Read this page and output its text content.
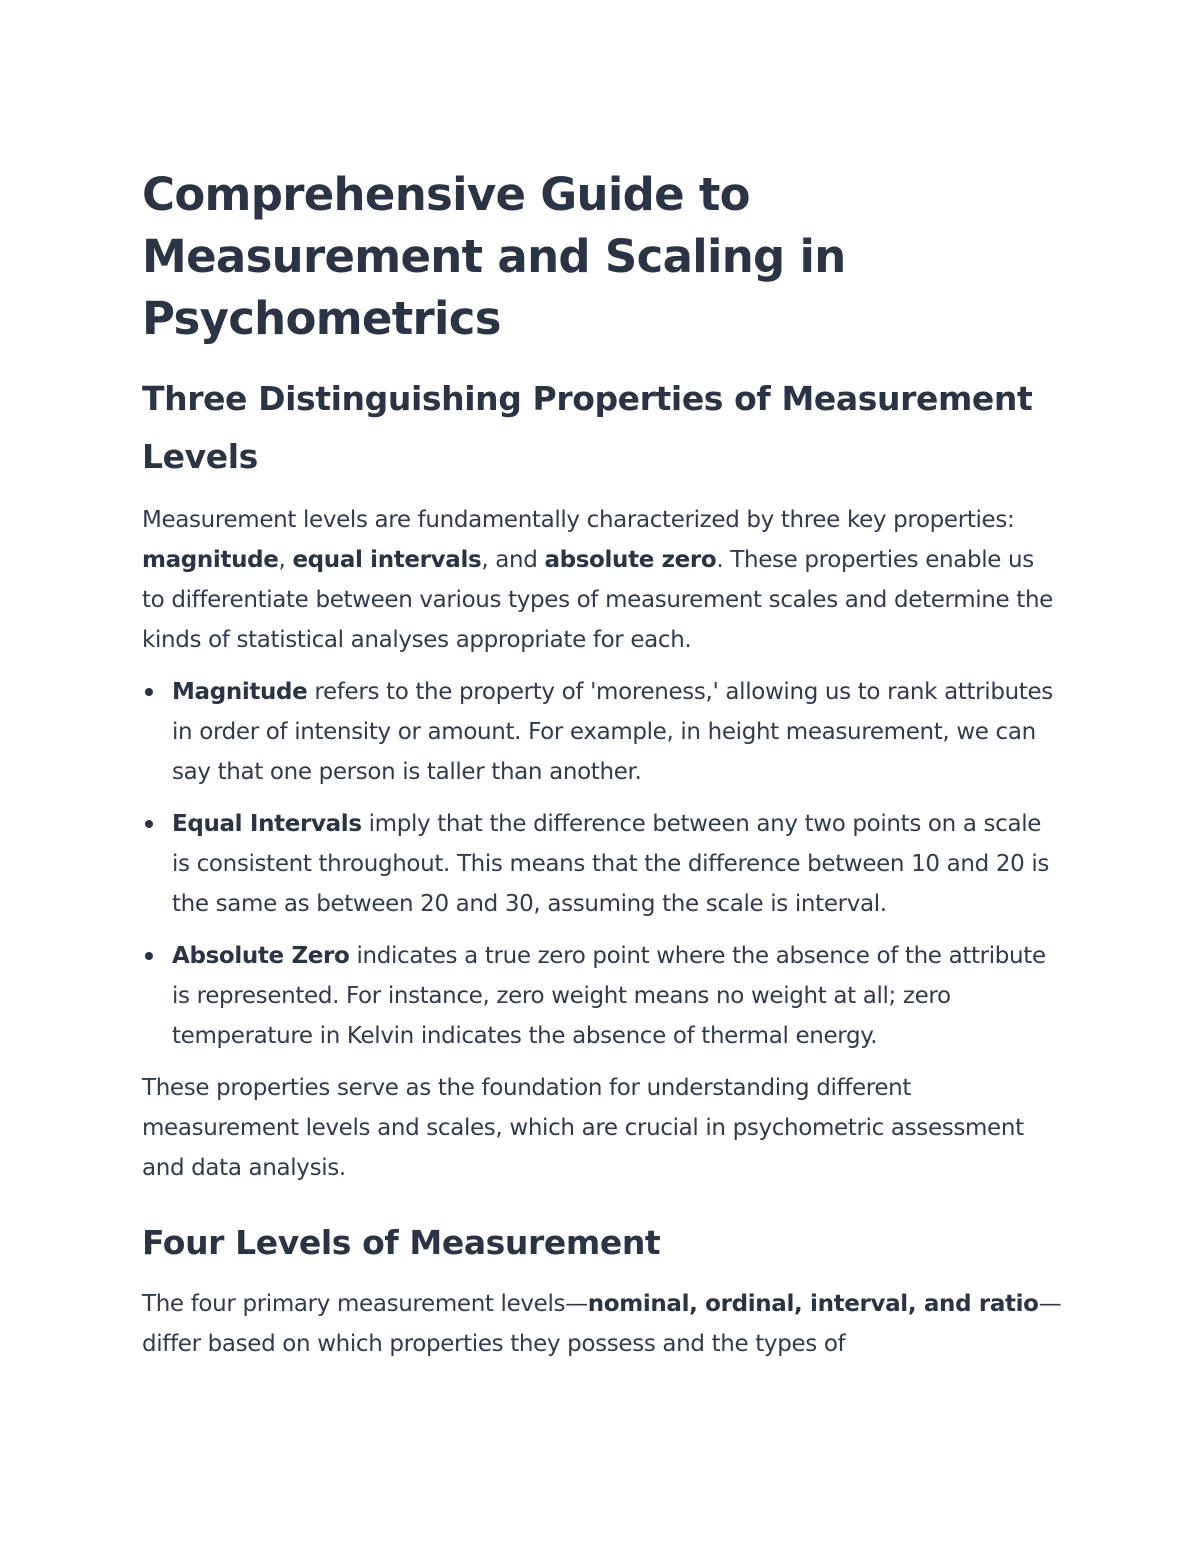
Comprehensive Guide to Measurement and Scaling in Psychometrics
Three Distinguishing Properties of Measurement Levels

Measurement levels are fundamentally characterized by three key properties: magnitude, equal intervals, and absolute zero. These properties enable us to differentiate between various types of measurement scales and determine the kinds of statistical analyses appropriate for each.

Magnitude refers to the property of 'moreness,' allowing us to rank attributes in order of intensity or amount. For example, in height measurement, we can say that one person is taller than another.
Equal Intervals imply that the difference between any two points on a scale is consistent throughout. This means that the difference between 10 and 20 is the same as between 20 and 30, assuming the scale is interval.
Absolute Zero indicates a true zero point where the absence of the attribute is represented. For instance, zero weight means no weight at all; zero temperature in Kelvin indicates the absence of thermal energy.

These properties serve as the foundation for understanding different measurement levels and scales, which are crucial in psychometric assessment and data analysis.

Four Levels of Measurement

The four primary measurement levels—nominal, ordinal, interval, and ratio—differ based on which properties they possess and the types of
